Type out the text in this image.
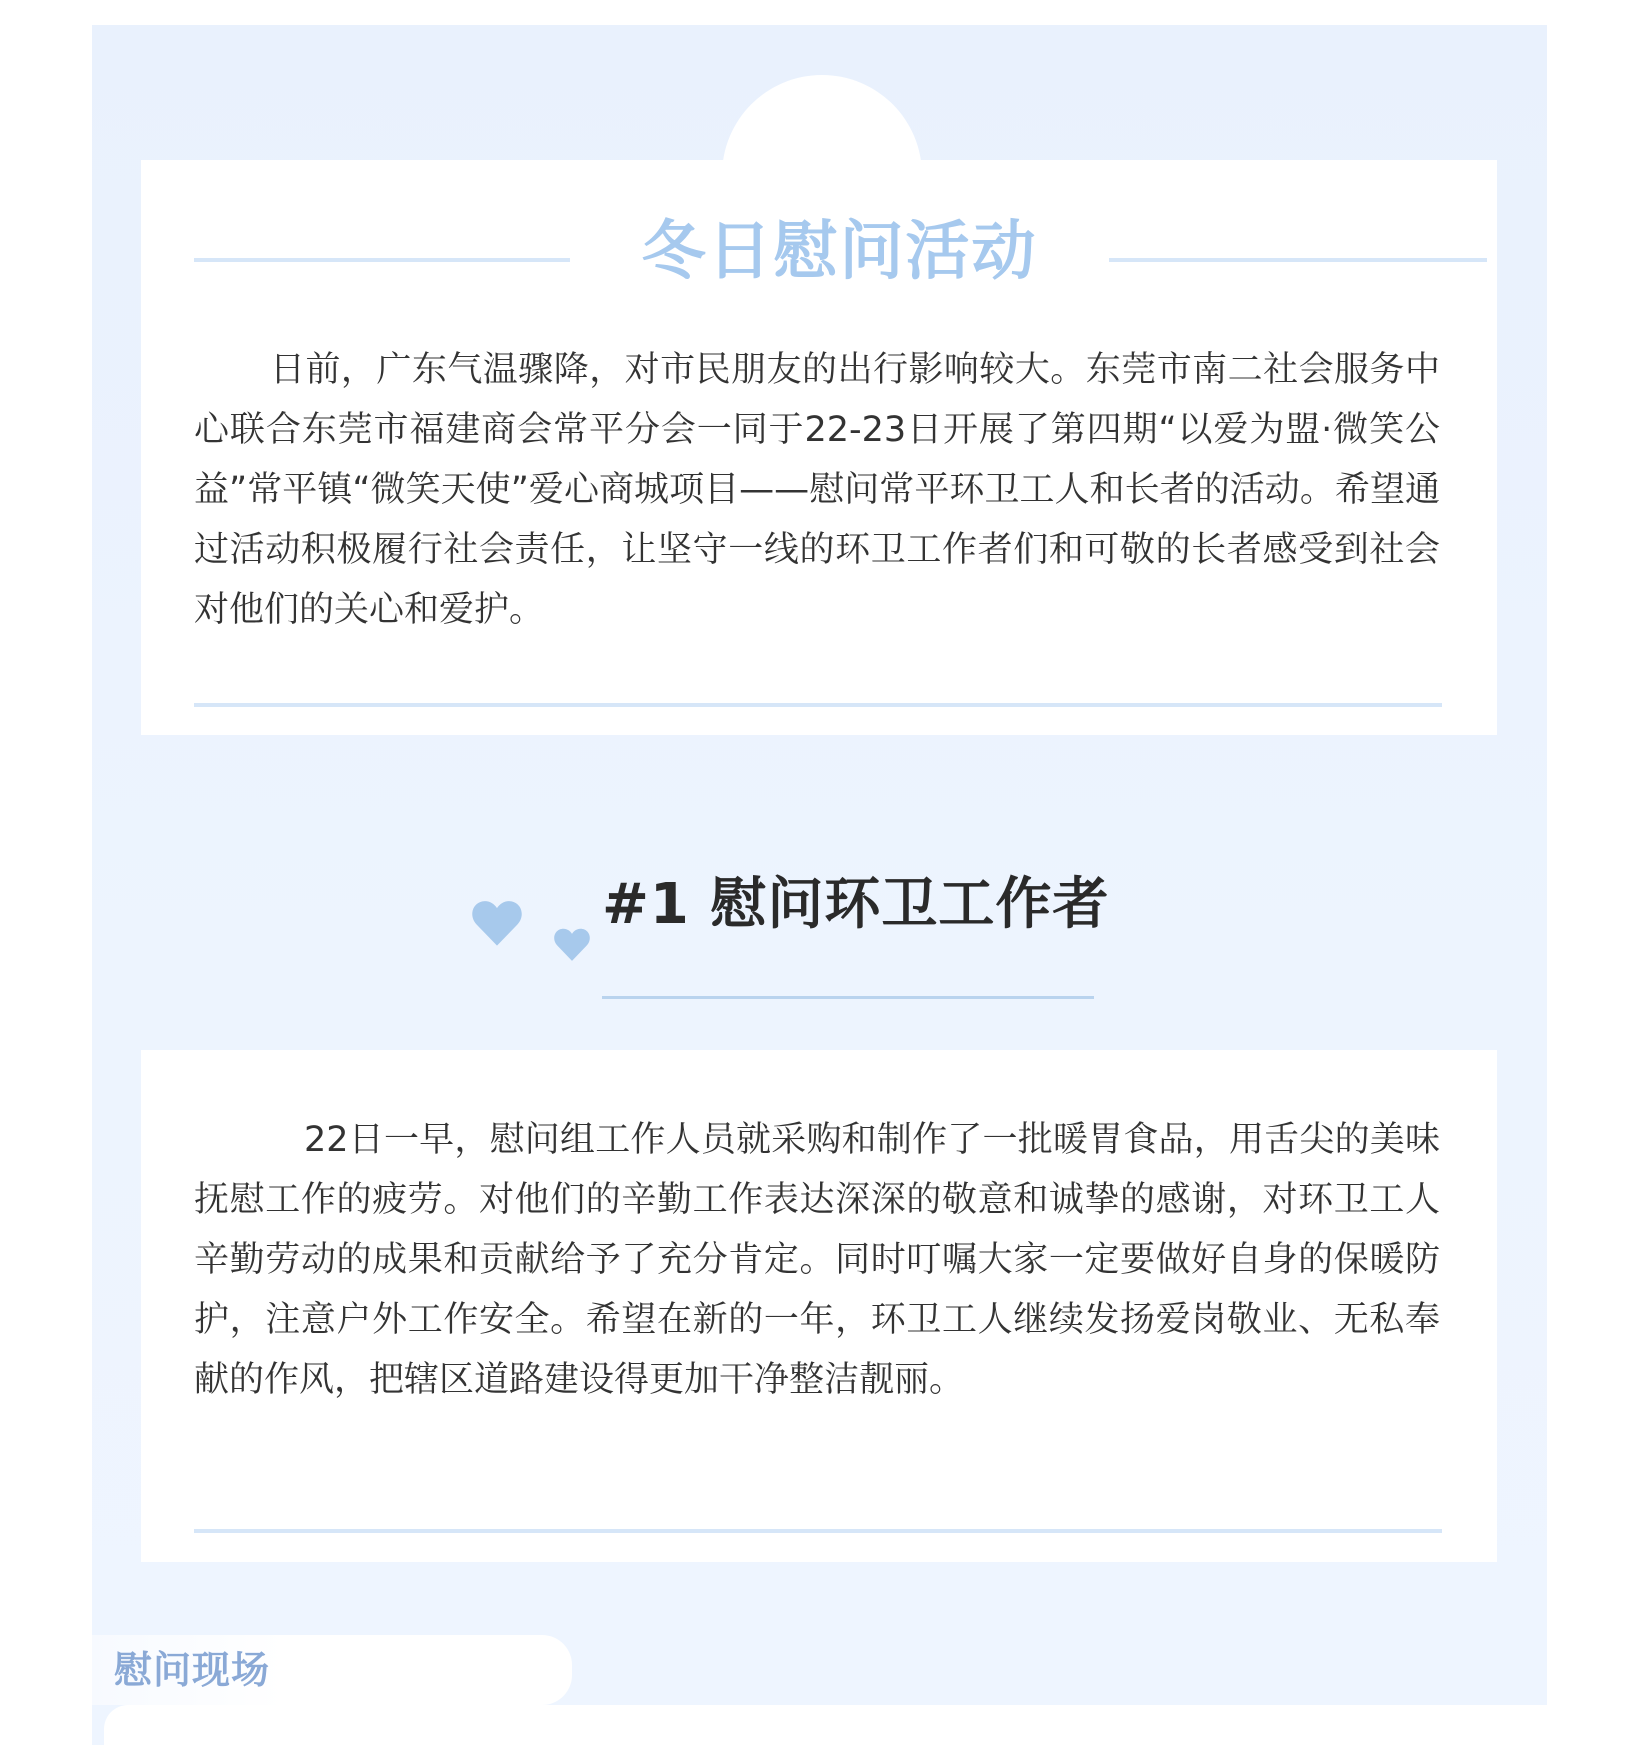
冬日慰问活动

日前，广东气温骤降，对市民朋友的出行影响较大。东莞市南二社会服务中心联合东莞市福建商会常平分会一同于22-23日开展了第四期“以爱为盟·微笑公益”常平镇“微笑天使”爱心商城项目——慰问常平环卫工人和长者的活动。希望通过活动积极履行社会责任，让坚守一线的环卫工作者们和可敬的长者感受到社会对他们的关心和爱护。

#1 慰问环卫工作者

22日一早，慰问组工作人员就采购和制作了一批暖胃食品，用舌尖的美味抚慰工作的疲劳。对他们的辛勤工作表达深深的敬意和诚挚的感谢，对环卫工人辛勤劳动的成果和贡献给予了充分肯定。同时叮嘱大家一定要做好自身的保暖防护，注意户外工作安全。希望在新的一年，环卫工人继续发扬爱岗敬业、无私奉献的作风，把辖区道路建设得更加干净整洁靓丽。

慰问现场
